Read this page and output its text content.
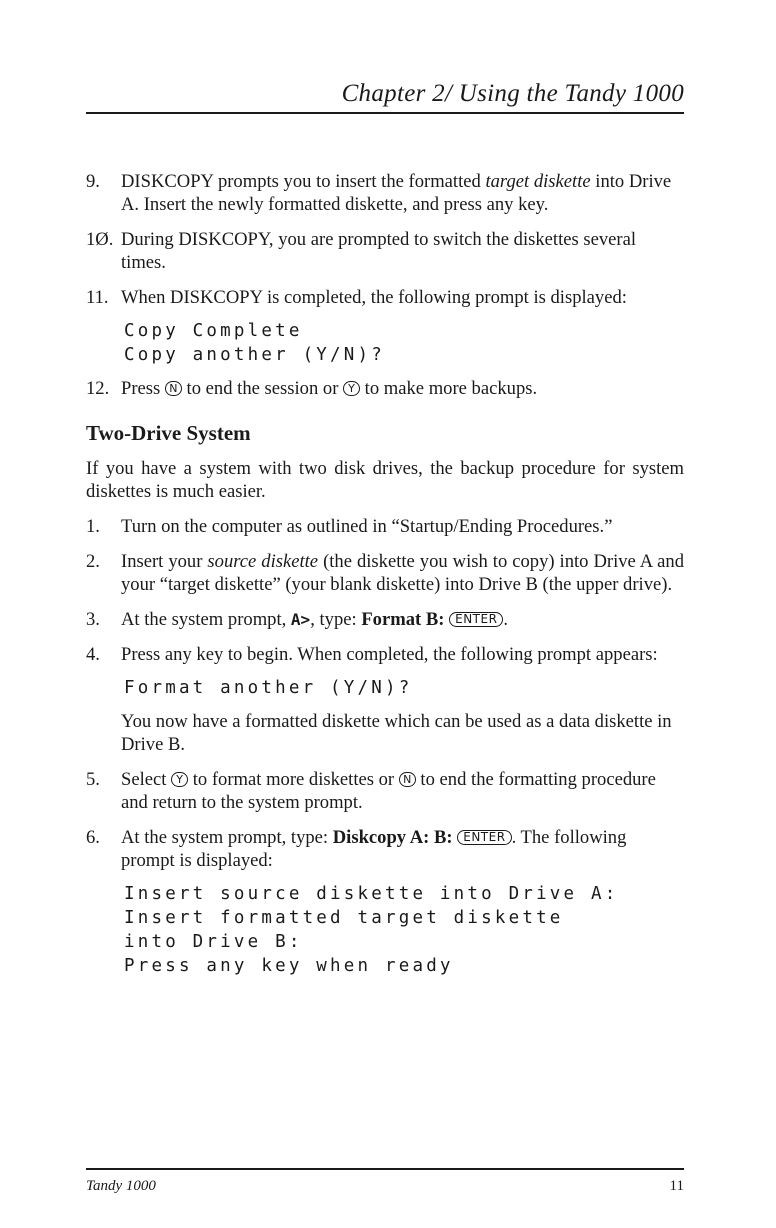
Chapter 2/ Using the Tandy 1000
9.	DISKCOPY prompts you to insert the formatted target diskette into Drive A. Insert the newly formatted diskette, and press any key.
1Ø. During DISKCOPY, you are prompted to switch the diskettes several times.
11. When DISKCOPY is completed, the following prompt is displayed:
Copy Complete
Copy another (Y/N)?
12. Press N to end the session or Y to make more backups.
Two-Drive System
If you have a system with two disk drives, the backup procedure for system diskettes is much easier.
1.	Turn on the computer as outlined in “Startup/Ending Procedures.”
2.	Insert your source diskette (the diskette you wish to copy) into Drive A and your “target diskette” (your blank diskette) into Drive B (the upper drive).
3.	At the system prompt, A>, type: Format B: ENTER .
4.	Press any key to begin. When completed, the following prompt appears:
Format another (Y/N)?
You now have a formatted diskette which can be used as a data diskette in Drive B.
5.	Select Y to format more diskettes or N to end the formatting procedure and return to the system prompt.
6.	At the system prompt, type: Diskcopy A: B: ENTER . The following prompt is displayed:
Insert source diskette into Drive A:
Insert formatted target diskette
into Drive B:
Press any key when ready
Tandy 1000	11
